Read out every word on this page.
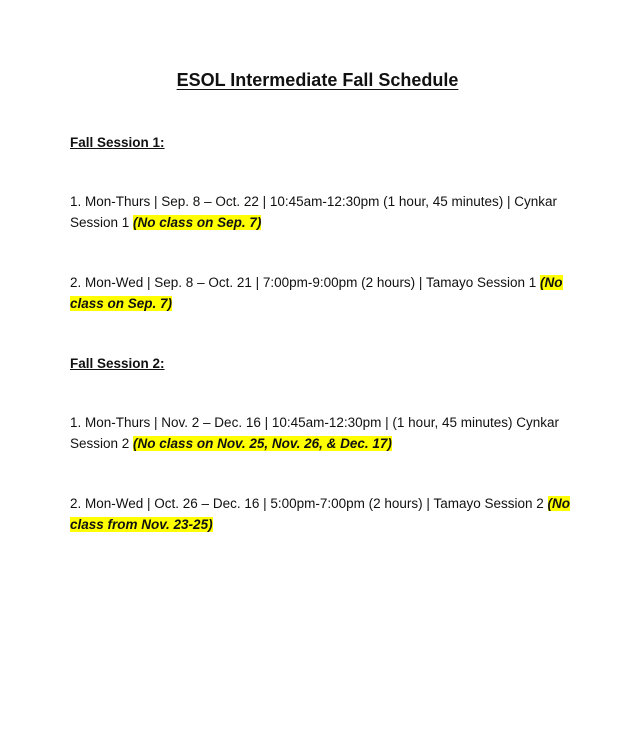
ESOL Intermediate Fall Schedule
Fall Session 1:

1. Mon-Thurs | Sep. 8 – Oct. 22 | 10:45am-12:30pm (1 hour, 45 minutes) | Cynkar Session 1 (No class on Sep. 7)

2. Mon-Wed | Sep. 8 – Oct. 21 | 7:00pm-9:00pm (2 hours) | Tamayo Session 1 (No class on Sep. 7)

Fall Session 2:

1. Mon-Thurs | Nov. 2 – Dec. 16 | 10:45am-12:30pm | (1 hour, 45 minutes) Cynkar Session 2 (No class on Nov. 25, Nov. 26, & Dec. 17)

2. Mon-Wed | Oct. 26 – Dec. 16 | 5:00pm-7:00pm (2 hours) | Tamayo Session 2 (No class from Nov. 23-25)
